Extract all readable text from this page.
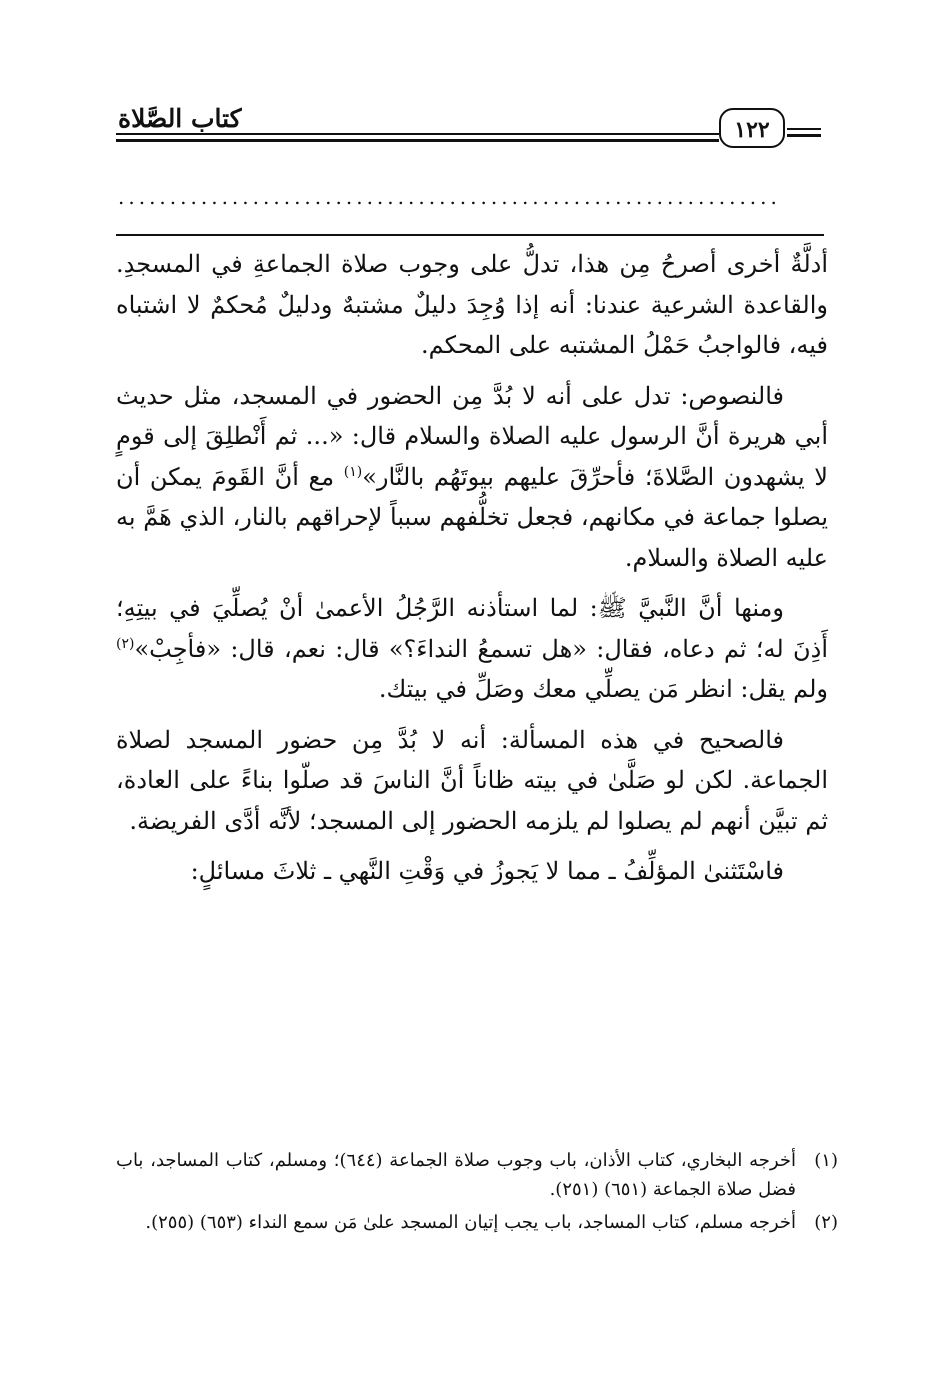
١٢٢
كتاب الصَّلاة
................................................................

أدلَّةٌ أخرى أصرحُ مِن هذا، تدلُّ على وجوب صلاة الجماعةِ في المسجدِ. والقاعدة الشرعية عندنا: أنه إذا وُجِدَ دليلٌ مشتبهٌ ودليلٌ مُحكمٌ لا اشتباه فيه، فالواجبُ حَمْلُ المشتبه على المحكم.

فالنصوص: تدل على أنه لا بُدَّ مِن الحضور في المسجد، مثل حديث أبي هريرة أنَّ الرسول عليه الصلاة والسلام قال: «... ثم أَنْطلِقَ إلى قومٍ لا يشهدون الصَّلاةَ؛ فأحرِّقَ عليهم بيوتَهُم بالنَّار»$^{(١)}$ مع أنَّ القَومَ يمكن أن يصلوا جماعة في مكانهم، فجعل تخلُّفهم سبباً لإحراقهم بالنار، الذي هَمَّ به عليه الصلاة والسلام.

ومنها أنَّ النَّبيَّ ﷺ: لما استأذنه الرَّجُلُ الأعمىٰ أنْ يُصلِّيَ في بيتِهِ؛ أَذِنَ له؛ ثم دعاه، فقال: «هل تسمعُ النداءَ؟» قال: نعم، قال: «فأجِبْ»$^{(٢)}$ ولم يقل: انظر مَن يصلِّي معك وصَلِّ في بيتك.

فالصحيح في هذه المسألة: أنه لا بُدَّ مِن حضور المسجد لصلاة الجماعة. لكن لو صَلَّىٰ في بيته ظاناً أنَّ الناسَ قد صلّوا بناءً على العادة، ثم تبيَّن أنهم لم يصلوا لم يلزمه الحضور إلى المسجد؛ لأنَّه أدَّى الفريضة.

فاسْتَثنىٰ المؤلِّفُ ـ مما لا يَجوزُ في وَقْتِ النَّهي ـ ثلاثَ مسائلٍ:

(١)
أخرجه البخاري، كتاب الأذان، باب وجوب صلاة الجماعة (٦٤٤)؛ ومسلم، كتاب المساجد، باب فضل صلاة الجماعة (٦٥١) (٢٥١).
(٢)
أخرجه مسلم، كتاب المساجد، باب يجب إتيان المسجد علىٰ مَن سمع النداء (٦٥٣) (٢٥٥).
